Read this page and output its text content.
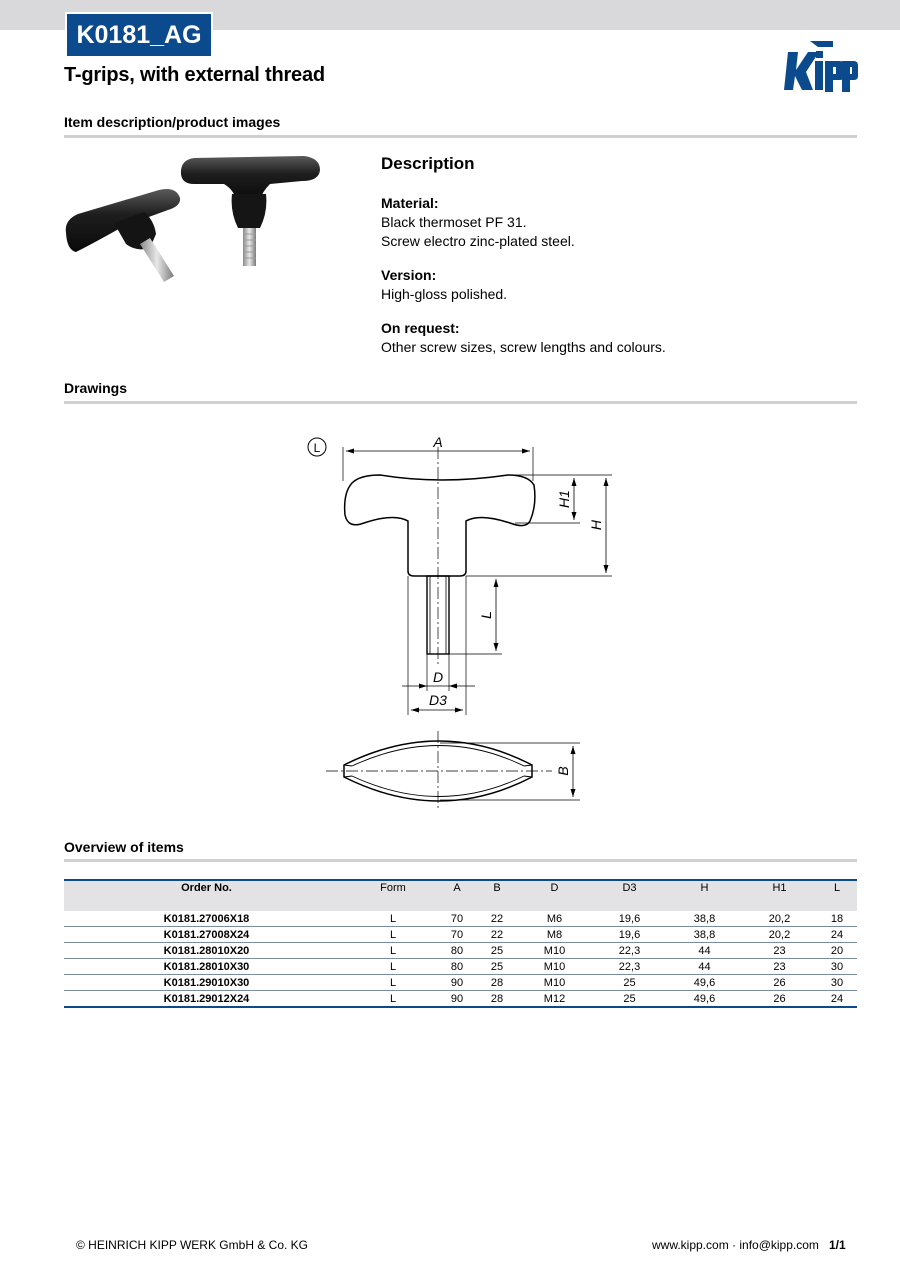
K0181_AG
T-grips, with external thread
Item description/product images
Description

Material:

Black thermoset PF 31.

Screw electro zinc-plated steel.

Version:

High-gloss polished.

On request:

Other screw sizes, screw lengths and colours.

Drawings
L	A
H1
H
L
D
D3
B
Overview of items
Order No.	Form	A	B	D	D3	H	H1	L
K0181.27006X18	L	70	22	M6	19,6	38,8	20,2	18
K0181.27008X24	L	70	22	M8	19,6	38,8	20,2	24
K0181.28010X20	L	80	25	M10	22,3	44	23	20
K0181.28010X30	L	80	25	M10	22,3	44	23	30
K0181.29010X30	L	90	28	M10	25	49,6	26	30
K0181.29012X24	L	90	28	M12	25	49,6	26	24
© HEINRICH KIPP WERK GmbH & Co. KG	www.kipp.com · info@kipp.com 1/1
